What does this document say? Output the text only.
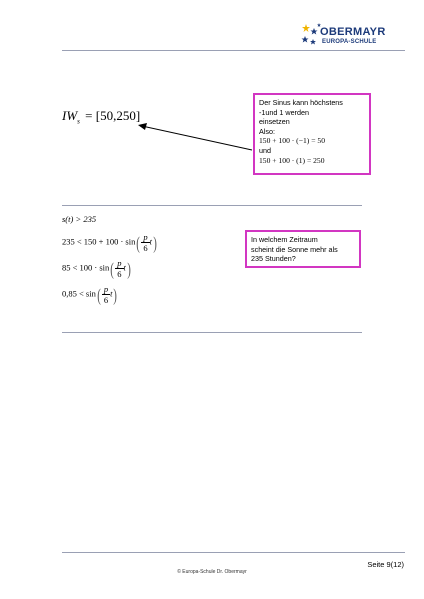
OBERMAYR
EUROPA-SCHULE
$IW_s = [50,250]$
Der Sinus kann höchstens
-1und 1 werden
einsetzen
Also:
150 + 100 · (−1) = 50
und
150 + 100 · (1) = 250
s(t) > 235
$235 < 150 + 100 \cdot \sin( \frac{p}{6} t)$
$85 < 100 \cdot \sin( \frac{p}{6} t)$
$0,85 < \sin( \frac{p}{6} t)$
In welchem Zeitraum
scheint die Sonne mehr als
235 Stunden?
Seite 9(12)
© Europa-Schule Dr. Obermayr
